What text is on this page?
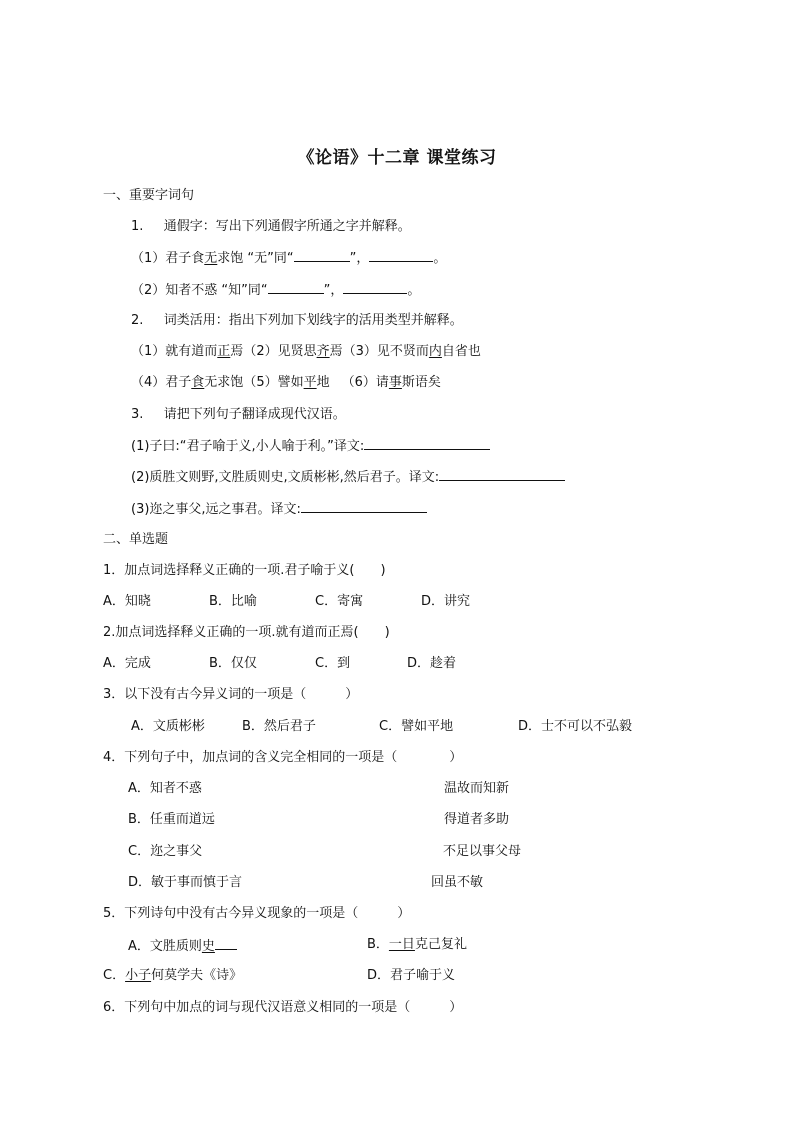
《论语》十二章 课堂练习
一、重要字词句
1. 通假字：写出下列通假字所通之字并解释。
（1）君子食无求饱 “无”同“	”，	。
（2）知者不惑 “知”同“	”，	。
2. 词类活用：指出下列加下划线字的活用类型并解释。
（1）就有道而正焉（2）见贤思齐焉（3）见不贤而内自省也
（4）君子食无求饱（5）譬如平地 （6）请事斯语矣
3. 请把下列句子翻译成现代汉语。
(1)子曰:“君子喻于义,小人喻于利。”译文:
(2)质胜文则野,文胜质则史,文质彬彬,然后君子。译文:
(3)迩之事父,远之事君。译文:
二、单选题
1．加点词选择释义正确的一项.君子喻于义(　　)
A．知晓	B．比喻	C．寄寓	D．讲究
2.加点词选择释义正确的一项.就有道而正焉(　　)
A．完成	B．仅仅	C．到	D．趁着
3．以下没有古今异义词的一项是（　　　）
A．文质彬彬	B．然后君子	C．譬如平地	D．士不可以不弘毅
4．下列句子中，加点词的含义完全相同的一项是（　　　　）
A．知者不惑	温故而知新
B．任重而道远	得道者多助
C．迩之事父	不足以事父母
D．敏于事而慎于言	回虽不敏
5．下列诗句中没有古今异义现象的一项是（　　　）
A．文胜质则史	B．一日克己复礼
C．小子何莫学夫《诗》	D．君子喻于义
6．下列句中加点的词与现代汉语意义相同的一项是（　　　）
